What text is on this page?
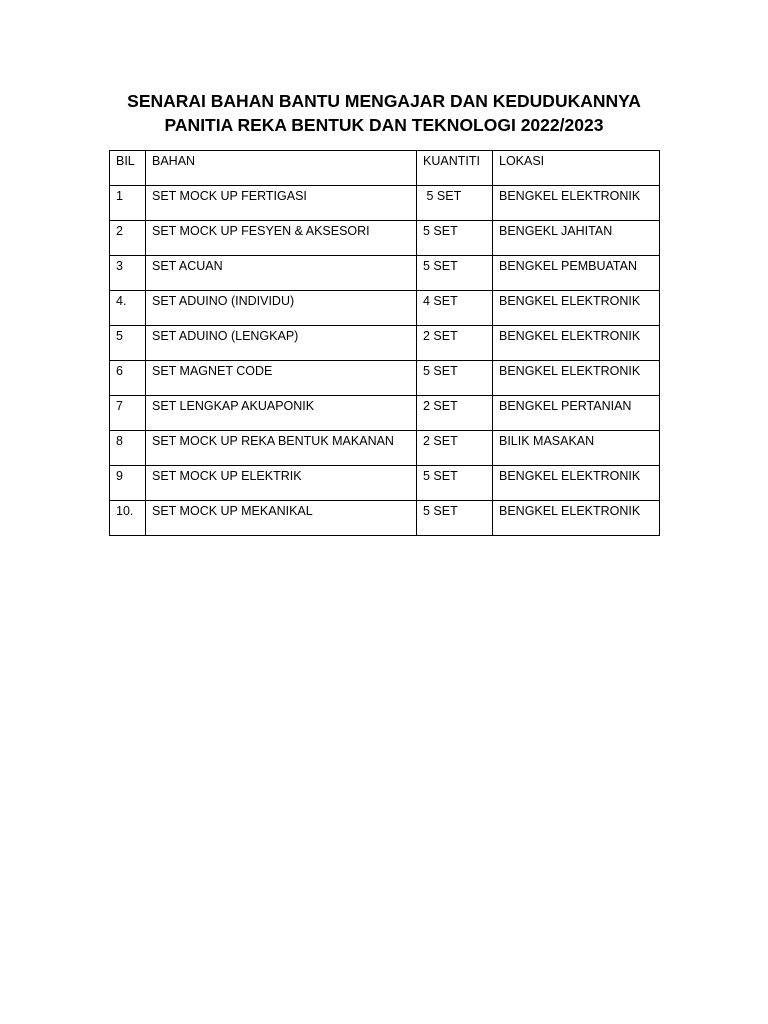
SENARAI BAHAN BANTU MENGAJAR DAN KEDUDUKANNYA
PANITIA REKA BENTUK DAN TEKNOLOGI 2022/2023
BIL	BAHAN	KUANTITI	LOKASI

1	SET MOCK UP FERTIGASI	5 SET	BENGKEL ELEKTRONIK

2	SET MOCK UP FESYEN & AKSESORI	5 SET	BENGEKL JAHITAN

3	SET ACUAN	5 SET	BENGKEL PEMBUATAN

4.	SET ADUINO (INDIVIDU)	4 SET	BENGKEL ELEKTRONIK

5	SET ADUINO (LENGKAP)	2 SET	BENGKEL ELEKTRONIK

6	SET MAGNET CODE	5 SET	BENGKEL ELEKTRONIK

7	SET LENGKAP AKUAPONIK	2 SET	BENGKEL PERTANIAN

8	SET MOCK UP REKA BENTUK MAKANAN	2 SET	BILIK MASAKAN

9	SET MOCK UP ELEKTRIK	5 SET	BENGKEL ELEKTRONIK

10.	SET MOCK UP MEKANIKAL	5 SET	BENGKEL ELEKTRONIK
